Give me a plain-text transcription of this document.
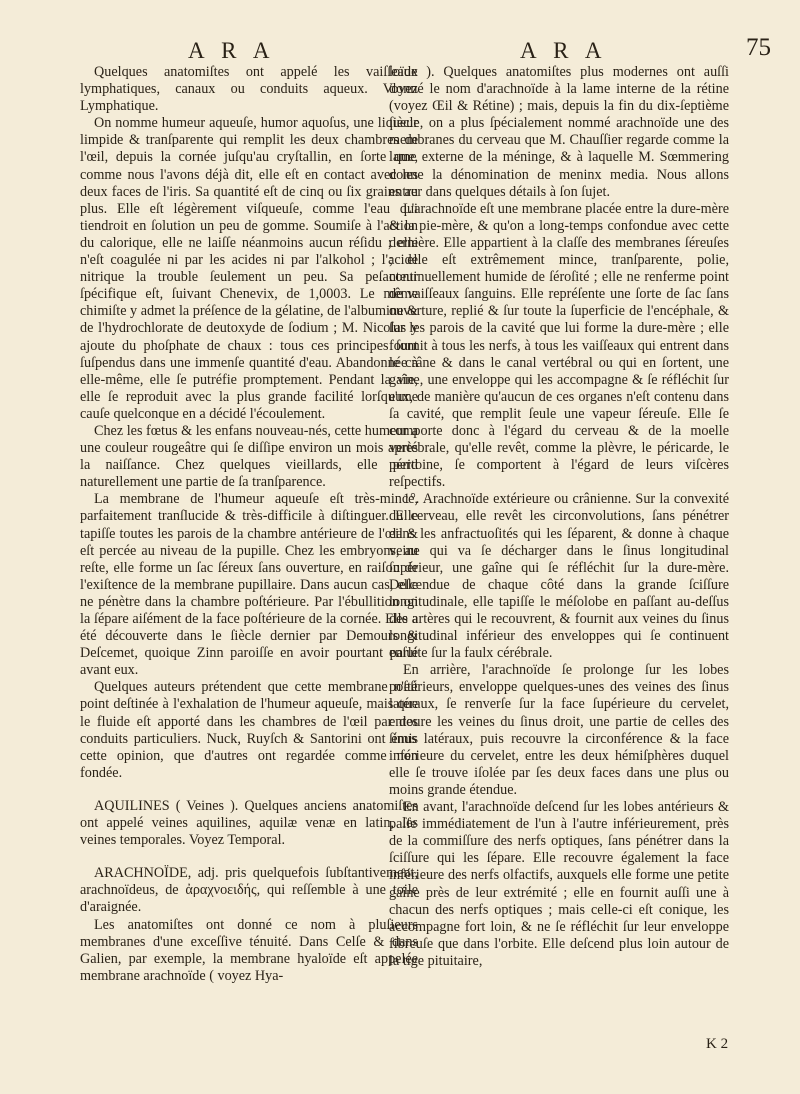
A R A	A R A	75

Quelques anatomiſtes ont appelé les vaiſſeaux lymphatiques, canaux ou conduits aqueux. Voyez Lymphatique.

On nomme humeur aqueuſe, humor aquoſus, une liqueur limpide & tranſparente qui remplit les deux chambres de l'œil, depuis la cornée juſqu'au cryſtallin, en ſorte que, comme nous l'avons déjà dit, elle eſt en contact avec les deux faces de l'iris. Sa quantité eſt de cinq ou ſix grains au plus. Elle eſt légèrement viſqueuſe, comme l'eau qui tiendroit en ſolution un peu de gomme. Soumiſe à l'action du calorique, elle ne laiſſe néanmoins aucun réſidu ; elle n'eſt coagulée ni par les acides ni par l'alkohol ; l'acide nitrique la trouble ſeulement un peu. Sa peſanteur ſpécifique eſt, ſuivant Chenevix, de 1,0003. Le même chimiſte y admet la préſence de la gélatine, de l'albumine & de l'hydrochlorate de deutoxyde de ſodium ; M. Nicolas y ajoute du phoſphate de chaux : tous ces principes ſont ſuſpendus dans une immenſe quantité d'eau. Abandonnée à elle-même, elle ſe putréfie promptement. Pendant la vie, elle ſe reproduit avec la plus grande facilité lorſqu'une cauſe quelconque en a décidé l'écoulement.

Chez les fœtus & les enfans nouveau-nés, cette humeur a une couleur rougeâtre qui ſe diſſipe environ un mois après la naiſſance. Chez quelques vieillards, elle perd naturellement une partie de ſa tranſparence.

La membrane de l'humeur aqueuſe eſt très-mince, parfaitement tranſlucide & très-difficile à diſtinguer. Elle tapiſſe toutes les parois de la chambre antérieure de l'œil & eſt percée au niveau de la pupille. Chez les embryons, au reſte, elle forme un ſac ſéreux ſans ouverture, en raiſon de l'exiſtence de la membrane pupillaire. Dans aucun cas, elle ne pénètre dans la chambre poſtérieure. Par l'ébullition on la ſépare aiſément de la face poſtérieure de la cornée. Elle a été découverte dans le ſiècle dernier par Demours & Deſcemet, quoique Zinn paroiſſe en avoir pourtant parlé avant eux.

Quelques auteurs prétendent que cette membrane n'eſt point deſtinée à l'exhalation de l'humeur aqueuſe, mais que le fluide eſt apporté dans les chambres de l'œil par des conduits particuliers. Nuck, Ruyſch & Santorini ont émis cette opinion, que d'autres ont regardée comme non fondée.

AQUILINES ( Veines ). Quelques anciens anatomiſtes ont appelé veines aquilines, aquilæ venæ en latin, les veines temporales. Voyez Temporal.

ARACHNOÏDE, adj. pris quelquefois ſubſtantivement, arachnoïdeus, de ἀραχνοειδής, qui reſſemble à une toile d'araignée.

Les anatomiſtes ont donné ce nom à pluſieurs membranes d'une exceſſive ténuité. Dans Celſe & dans Galien, par exemple, la membrane hyaloïde eſt appelée membrane arachnoïde ( voyez Hya-

loïde ). Quelques anatomiſtes plus modernes ont auſſi donné le nom d'arachnoïde à la lame interne de la rétine (voyez Œil & Rétine) ; mais, depuis la fin du dix-ſeptième ſiècle, on a plus ſpécialement nommé arachnoïde une des membranes du cerveau que M. Chauſſier regarde comme la lame externe de la méninge, & à laquelle M. Sœmmering donne la dénomination de meninx media. Nous allons entrer dans quelques détails à ſon ſujet.

L'arachnoïde eſt une membrane placée entre la dure-mère & la pie-mère, & qu'on a long-temps confondue avec cette dernière. Elle appartient à la claſſe des membranes ſéreuſes ; elle eſt extrêmement mince, tranſparente, polie, continuellement humide de ſéroſité ; elle ne renferme point de vaiſſeaux ſanguins. Elle repréſente une ſorte de ſac ſans ouverture, replié & ſur toute la ſuperficie de l'encéphale, & ſur les parois de la cavité que lui forme la dure-mère ; elle fournit à tous les nerfs, à tous les vaiſſeaux qui entrent dans le crâne & dans le canal vertébral ou qui en ſortent, une gaîne, une enveloppe qui les accompagne & ſe réfléchit ſur eux, de manière qu'aucun de ces organes n'eſt contenu dans ſa cavité, que remplit ſeule une vapeur ſéreuſe. Elle ſe comporte donc à l'égard du cerveau & de la moelle vertébrale, qu'elle revêt, comme la plèvre, le péricarde, le péritoine, ſe comportent à l'égard de leurs viſcères reſpectifs.

1°. Arachnoïde extérieure ou crânienne. Sur la convexité du cerveau, elle revêt les circonvolutions, ſans pénétrer dans les anfractuoſités qui les ſéparent, & donne à chaque veine qui va ſe décharger dans le ſinus longitudinal ſupérieur, une gaîne qui ſe réfléchit ſur la dure-mère. Deſcendue de chaque côté dans la grande ſciſſure longitudinale, elle tapiſſe le méſolobe en paſſant au-deſſus des artères qui le recouvrent, & fournit aux veines du ſinus longitudinal inférieur des enveloppes qui ſe continuent enſuite ſur la faulx cérébrale.

En arrière, l'arachnoïde ſe prolonge ſur les lobes poſtérieurs, enveloppe quelques-unes des veines des ſinus latéraux, ſe renverſe ſur la face ſupérieure du cervelet, entoure les veines du ſinus droit, une partie de celles des ſinus latéraux, puis recouvre la circonférence & la face inférieure du cervelet, entre les deux hémiſphères duquel elle ſe trouve iſolée par ſes deux faces dans une plus ou moins grande étendue.

En avant, l'arachnoïde deſcend ſur les lobes antérieurs & paſſe immédiatement de l'un à l'autre inférieurement, près de la commiſſure des nerfs optiques, ſans pénétrer dans la ſciſſure qui les ſépare. Elle recouvre également la face inférieure des nerfs olfactifs, auxquels elle forme une petite gaîne près de leur extrémité ; elle en fournit auſſi une à chacun des nerfs optiques ; mais celle-ci eſt conique, les accompagne fort loin, & ne ſe réfléchit ſur leur enveloppe fibreuſe que dans l'orbite. Elle deſcend plus loin autour de la tige pituitaire,

K 2
